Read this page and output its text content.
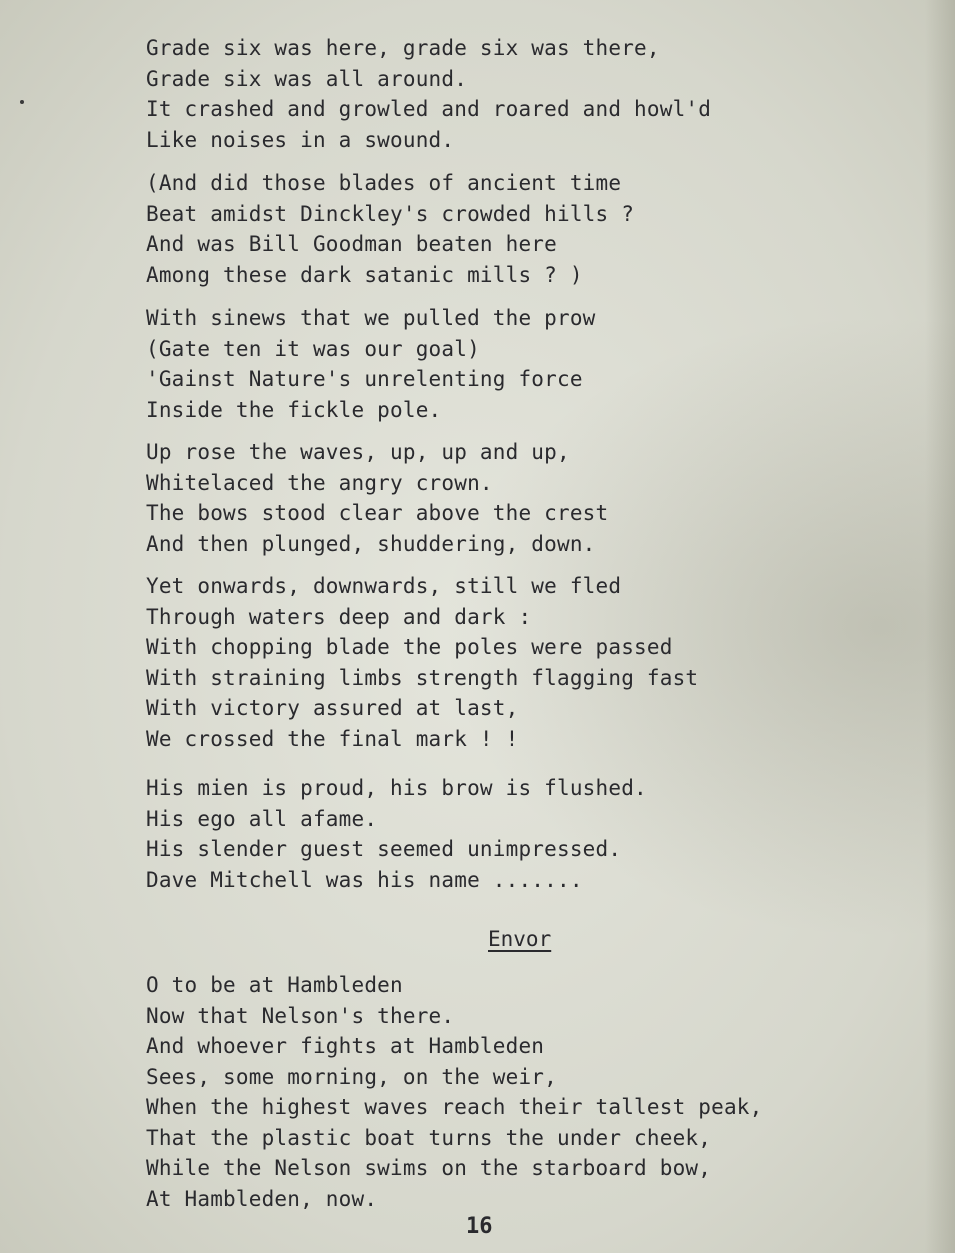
Grade six was here, grade six was there,
Grade six was all around.
It crashed and growled and roared and howl'd
Like noises in a swound.
(And did those blades of ancient time
Beat amidst Dinckley's crowded hills ?
And was Bill Goodman beaten here
Among these dark satanic mills ? )
With sinews that we pulled the prow
(Gate ten it was our goal)
'Gainst Nature's unrelenting force
Inside the fickle pole.
Up rose the waves, up, up and up,
Whitelaced the angry crown.
The bows stood clear above the crest
And then plunged, shuddering, down.
Yet onwards, downwards, still we fled
Through waters deep and dark :
With chopping blade the poles were passed
With straining limbs strength flagging fast
With victory assured at last,
We crossed the final mark ! !
His mien is proud, his brow is flushed.
His ego all afame.
His slender guest seemed unimpressed.
Dave Mitchell was his name .......
Envor
O to be at Hambleden
Now that Nelson's there.
And whoever fights at Hambleden
Sees, some morning, on the weir,
When the highest waves reach their tallest peak,
That the plastic boat turns the under cheek,
While the Nelson swims on the starboard bow,
At Hambleden, now.
16
